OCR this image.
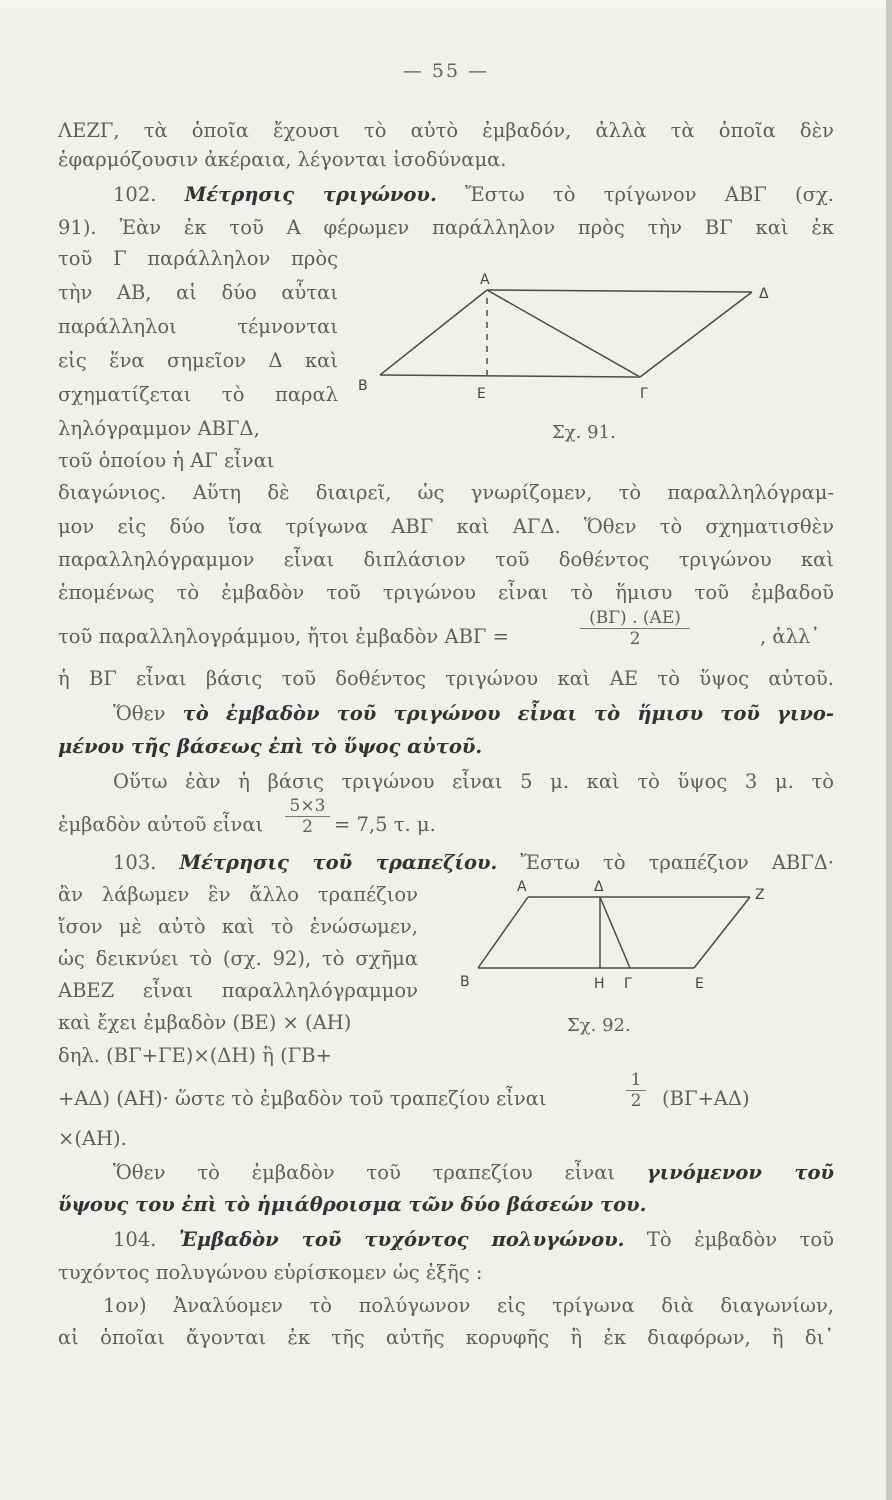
— 55 —
ΛΕΖΓ, τὰ ὁποῖα ἔχουσι τὸ αὐτὸ ἐμβαδόν, ἀλλὰ τὰ ὁποῖα δὲν
ἐφαρμόζουσιν ἀκέραια, λέγονται ἰσοδύναμα.
102. Μέτρησις τριγώνου. Ἔστω τὸ τρίγωνον ΑΒΓ (σχ.
91). Ἐὰν ἐκ τοῦ Α φέρωμεν παράλληλον πρὸς τὴν ΒΓ καὶ ἐκ
τοῦ Γ παράλληλον πρὸς
τὴν ΑΒ, αἱ δύο αὗται
παράλληλοι τέμνονται
εἰς ἕνα σημεῖον Δ καὶ
σχηματίζεται τὸ παραλ
ληλόγραμμον ΑΒΓΔ,
τοῦ ὁποίου ἡ ΑΓ εἶναι
A
Δ
B	E	Γ
Σχ. 91.
διαγώνιος. Αὕτη δὲ διαιρεῖ, ὡς γνωρίζομεν, τὸ παραλληλόγραμ-
μον εἰς δύο ἴσα τρίγωνα ΑΒΓ καὶ ΑΓΔ. Ὅθεν τὸ σχηματισθὲν
παραλληλόγραμμον εἶναι διπλάσιον τοῦ δοθέντος τριγώνου καὶ
ἑπομένως τὸ ἐμβαδὸν τοῦ τριγώνου εἶναι τὸ ἥμισυ τοῦ ἐμβαδοῦ
τοῦ παραλληλογράμμου, ἤτοι ἐμβαδὸν ΑΒΓ =	$\frac{(B\Gamma) . (AE)}{2}$	, ἀλλ᾽
ἡ ΒΓ εἶναι βάσις τοῦ δοθέντος τριγώνου καὶ ΑΕ τὸ ὕψος αὐτοῦ.
Ὅθεν τὸ ἐμβαδὸν τοῦ τριγώνου εἶναι τὸ ἥμισυ τοῦ γινο-
μένου τῆς βάσεως ἐπὶ τὸ ὕψος αὐτοῦ.
Οὕτω ἐὰν ἡ βάσις τριγώνου εἶναι 5 μ. καὶ τὸ ὕψος 3 μ. τὸ
ἐμβαδὸν αὐτοῦ εἶναι $\frac{5\times 3}{2} = 7,5$ τ. μ.
103. Μέτρησις τοῦ τραπεζίου. Ἔστω τὸ τραπέζιον ΑΒΓΔ·
ἂν λάβωμεν ἓν ἄλλο τραπέζιον
ἴσον μὲ αὐτὸ καὶ τὸ ἑνώσωμεν,
ὡς δεικνύει τὸ (σχ. 92), τὸ σχῆμα
ΑΒΕΖ εἶναι παραλληλόγραμμον
καὶ ἔχει ἐμβαδὸν (ΒΕ) × (ΑΗ)
δηλ. (ΒΓ+ΓΕ)×(ΔΗ) ἢ (ΓΒ+
A	Δ	Z
B	H Γ	E
Σχ. 92.
+ΑΔ) (ΑΗ)· ὥστε τὸ ἐμβαδὸν τοῦ τραπεζίου εἶναι	$\frac{1}{2} (B\Gamma+A\Delta)$
×(ΑΗ).
Ὅθεν τὸ ἐμβαδὸν τοῦ τραπεζίου εἶναι γινόμενον τοῦ
ὕψους του ἐπὶ τὸ ἡμιάθροισμα τῶν δύο βάσεών του.
104. Ἐμβαδὸν τοῦ τυχόντος πολυγώνου. Τὸ ἐμβαδὸν τοῦ
τυχόντος πολυγώνου εὑρίσκομεν ὡς ἑξῆς :
1ον) Ἀναλύομεν τὸ πολύγωνον εἰς τρίγωνα διὰ διαγωνίων,
αἱ ὁποῖαι ἄγονται ἐκ τῆς αὐτῆς κορυφῆς ἢ ἐκ διαφόρων, ἢ δι᾽
